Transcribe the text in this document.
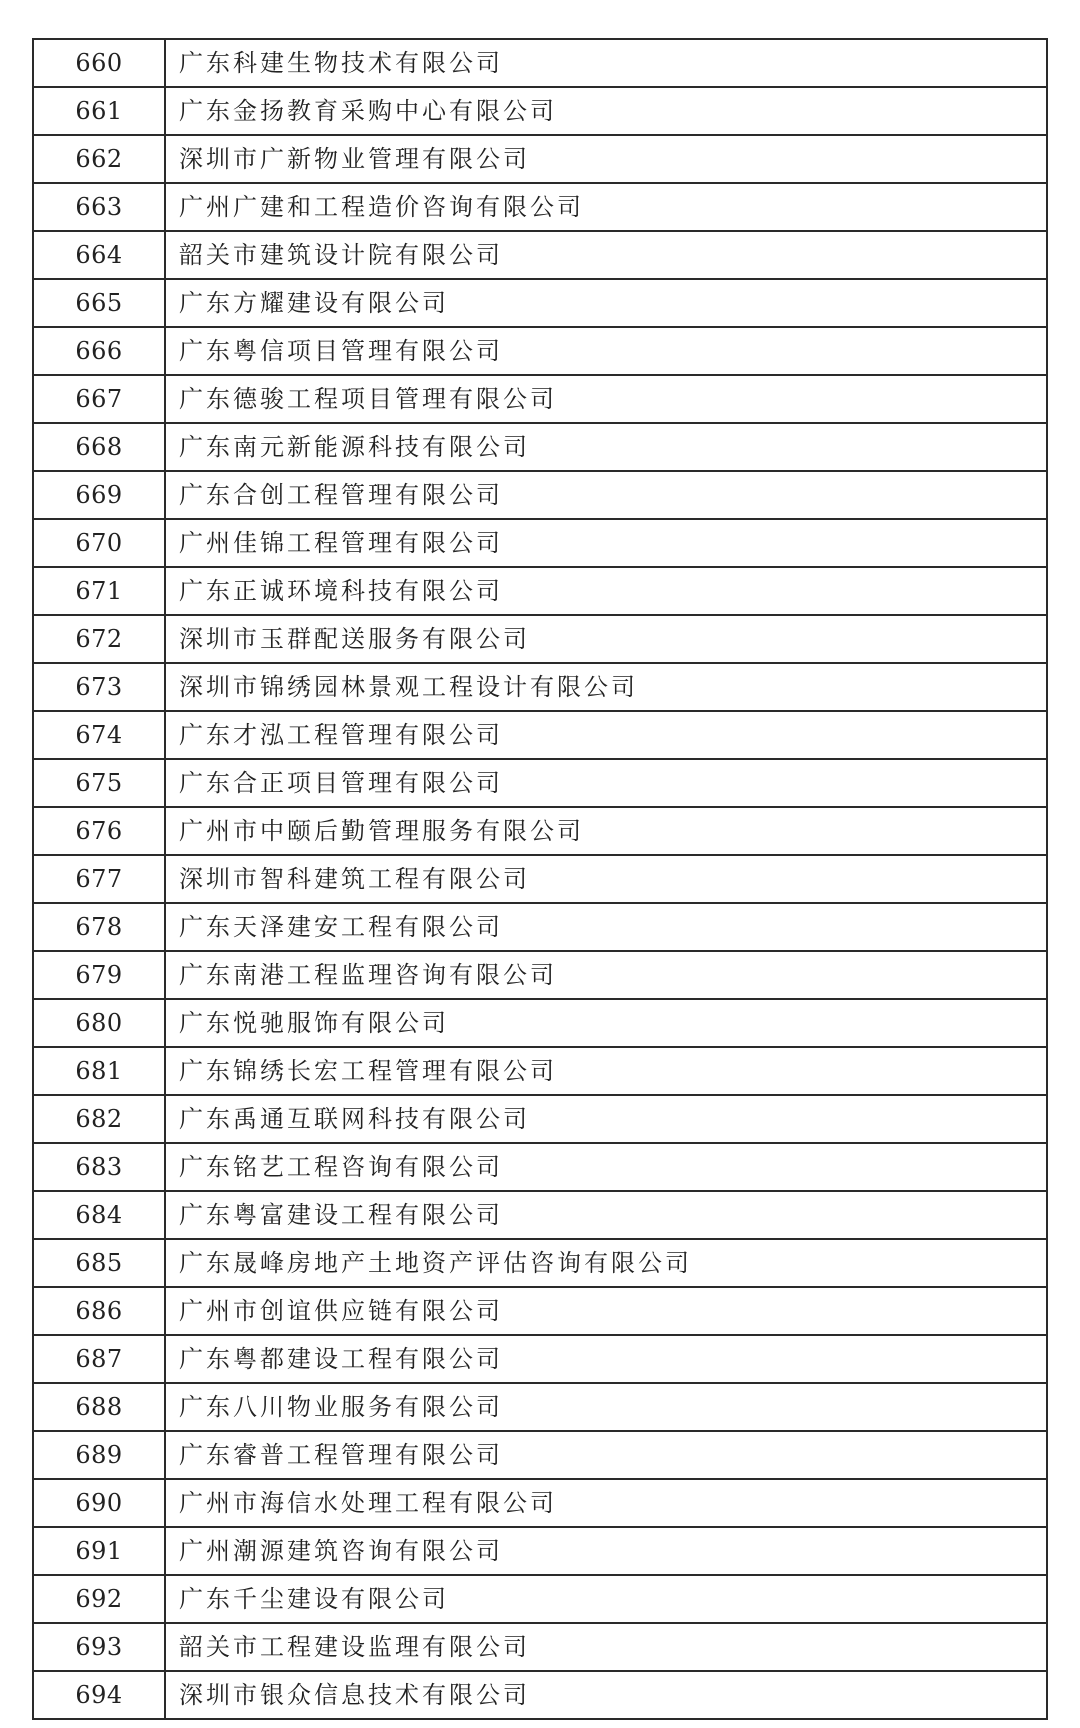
660	广东科建生物技术有限公司
661	广东金扬教育采购中心有限公司
662	深圳市广新物业管理有限公司
663	广州广建和工程造价咨询有限公司
664	韶关市建筑设计院有限公司
665	广东方耀建设有限公司
666	广东粤信项目管理有限公司
667	广东德骏工程项目管理有限公司
668	广东南元新能源科技有限公司
669	广东合创工程管理有限公司
670	广州佳锦工程管理有限公司
671	广东正诚环境科技有限公司
672	深圳市玉群配送服务有限公司
673	深圳市锦绣园林景观工程设计有限公司
674	广东才泓工程管理有限公司
675	广东合正项目管理有限公司
676	广州市中颐后勤管理服务有限公司
677	深圳市智科建筑工程有限公司
678	广东天泽建安工程有限公司
679	广东南港工程监理咨询有限公司
680	广东悦驰服饰有限公司
681	广东锦绣长宏工程管理有限公司
682	广东禹通互联网科技有限公司
683	广东铭艺工程咨询有限公司
684	广东粤富建设工程有限公司
685	广东晟峰房地产土地资产评估咨询有限公司
686	广州市创谊供应链有限公司
687	广东粤都建设工程有限公司
688	广东八川物业服务有限公司
689	广东睿普工程管理有限公司
690	广州市海信水处理工程有限公司
691	广州潮源建筑咨询有限公司
692	广东千尘建设有限公司
693	韶关市工程建设监理有限公司
694	深圳市银众信息技术有限公司
